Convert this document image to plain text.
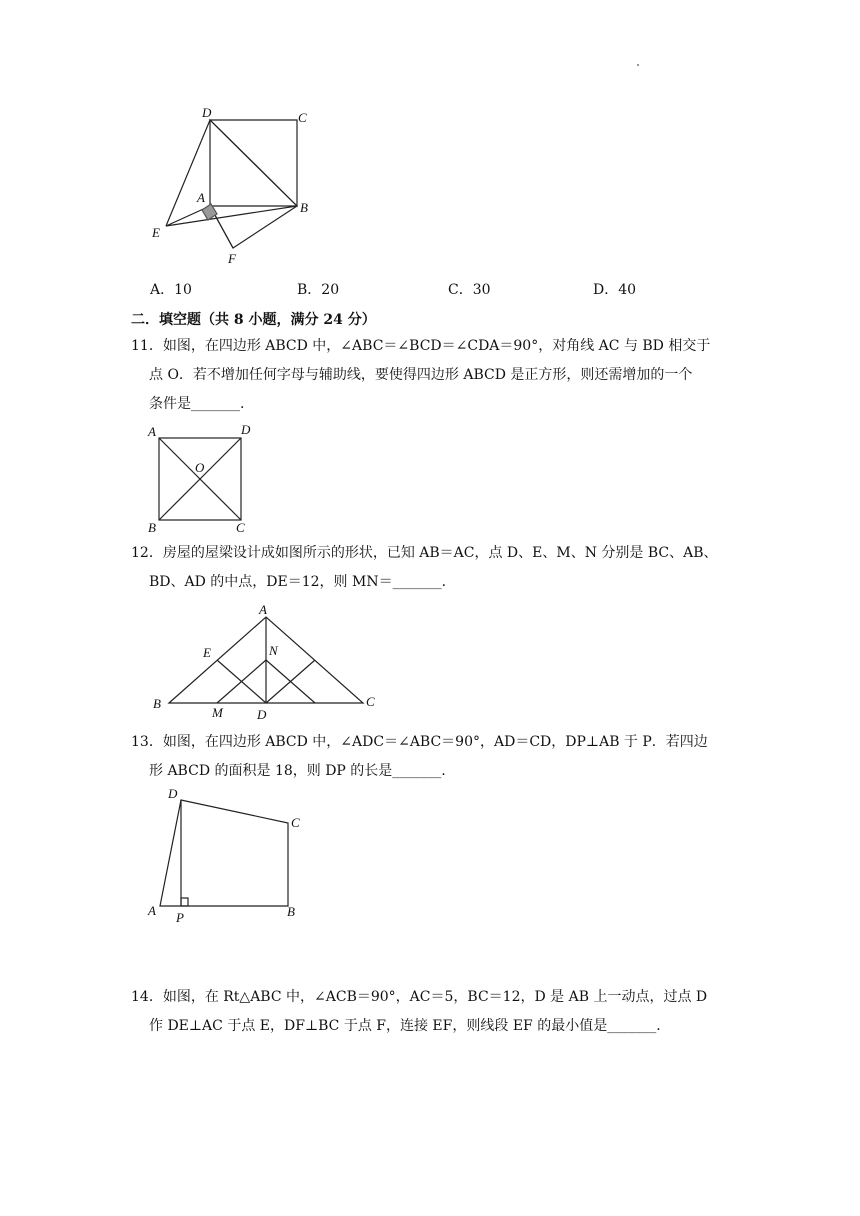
D	C
A
B
E
F
A．10	B．20	C．30	D．40
二．填空题（共 8 小题，满分 24 分）
11．如图，在四边形 ABCD 中，∠ABC＝∠BCD＝∠CDA＝90°，对角线 AC 与 BD 相交于
点 O．若不增加任何字母与辅助线，要使得四边形 ABCD 是正方形，则还需增加的一个
条件是_______.
A	D
O
B	C
12．房屋的屋梁设计成如图所示的形状，已知 AB＝AC，点 D、E、M、N 分别是 BC、AB、
BD、AD 的中点，DE＝12，则 MN＝_______.
A
E	N
B
M	D
C
13．如图，在四边形 ABCD 中，∠ADC＝∠ABC＝90°，AD＝CD，DP⊥AB 于 P．若四边
形 ABCD 的面积是 18，则 DP 的长是_______.
D
C
A P	B
14．如图，在 Rt△ABC 中，∠ACB＝90°，AC＝5，BC＝12，D 是 AB 上一动点，过点 D
作 DE⊥AC 于点 E，DF⊥BC 于点 F，连接 EF，则线段 EF 的最小值是_______.
